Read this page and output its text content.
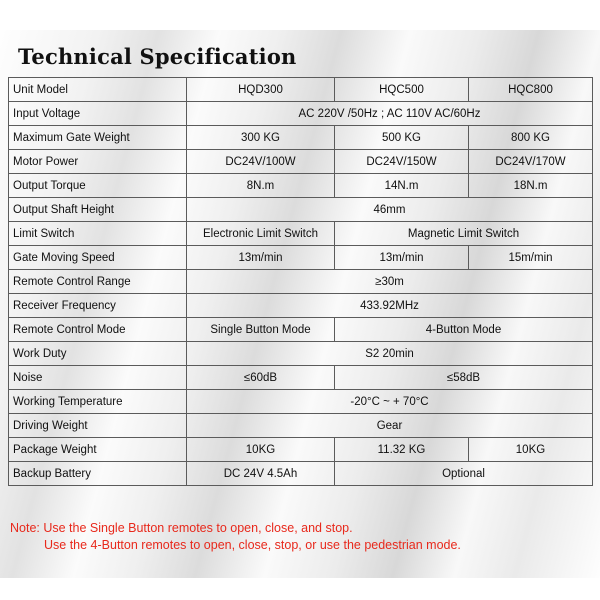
Technical Specification
Unit Model	HQD300	HQC500	HQC800
Input Voltage	AC 220V /50Hz ; AC 110V AC/60Hz		
Maximum Gate Weight	300 KG	500 KG	800 KG
Motor Power	DC24V/100W	DC24V/150W	DC24V/170W
Output Torque	8N.m	14N.m	18N.m
Output Shaft Height	46mm		
Limit Switch	Electronic Limit Switch	Magnetic Limit Switch	
Gate Moving Speed	13m/min	13m/min	15m/min
Remote Control Range	≥30m		
Receiver Frequency	433.92MHz		
Remote Control Mode	Single Button Mode	4-Button Mode	
Work Duty	S2 20min		
Noise	≤60dB	≤58dB	
Working Temperature	-20°C ~ + 70°C		
Driving Weight	Gear		
Package Weight	10KG	11.32 KG	10KG
Backup Battery	DC 24V 4.5Ah	Optional	
Note: Use the Single Button remotes to open, close, and stop.
Use the 4-Button remotes to open, close, stop, or use the pedestrian mode.
